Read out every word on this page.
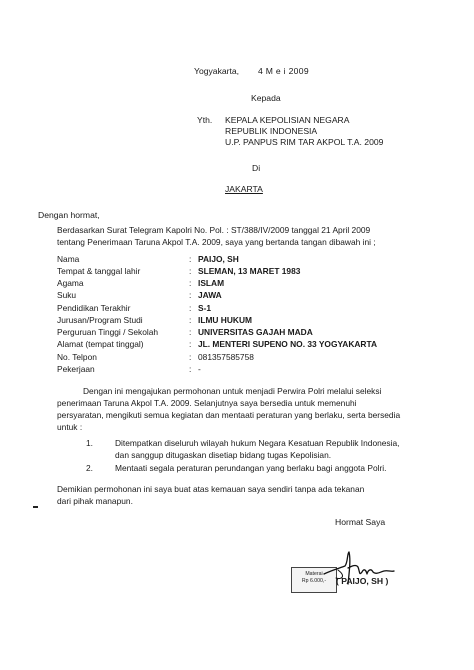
Yogyakarta, 4 M e i 2009
Kepada
Yth. KEPALA KEPOLISIAN NEGARA
REPUBLIK INDONESIA
U.P. PANPUS RIM TAR AKPOL T.A. 2009
Di
JAKARTA
Dengan hormat,
Berdasarkan Surat Telegram Kapolri No. Pol. : ST/388/IV/2009 tanggal 21 April 2009
tentang Penerimaan Taruna Akpol T.A. 2009, saya yang bertanda tangan dibawah ini ;
Nama	: PAIJO, SH
Tempat & tanggal lahir	: SLEMAN, 13 MARET 1983
Agama	: ISLAM
Suku	: JAWA
Pendidikan Terakhir	: S-1
Jurusan/Program Studi	: ILMU HUKUM
Perguruan Tinggi / Sekolah	: UNIVERSITAS GAJAH MADA
Alamat (tempat tinggal)	: JL. MENTERI SUPENO NO. 33 YOGYAKARTA
No. Telpon	: 081357585758
Pekerjaan	: -
Dengan ini mengajukan permohonan untuk menjadi Perwira Polri melalui seleksi
penerimaan Taruna Akpol T.A. 2009. Selanjutnya saya bersedia untuk memenuhi
persyaratan, mengikuti semua kegiatan dan mentaati peraturan yang berlaku, serta bersedia
untuk :
1.	Ditempatkan diseluruh wilayah hukum Negara Kesatuan Republik Indonesia,
dan sanggup ditugaskan disetiap bidang tugas Kepolisian.
2.	Mentaati segala peraturan perundangan yang berlaku bagi anggota Polri.
Demikian permohonan ini saya buat atas kemauan saya sendiri tanpa ada tekanan
dari pihak manapun.
Hormat Saya
Materai
Rp 6.000,-	( PAIJO, SH )
